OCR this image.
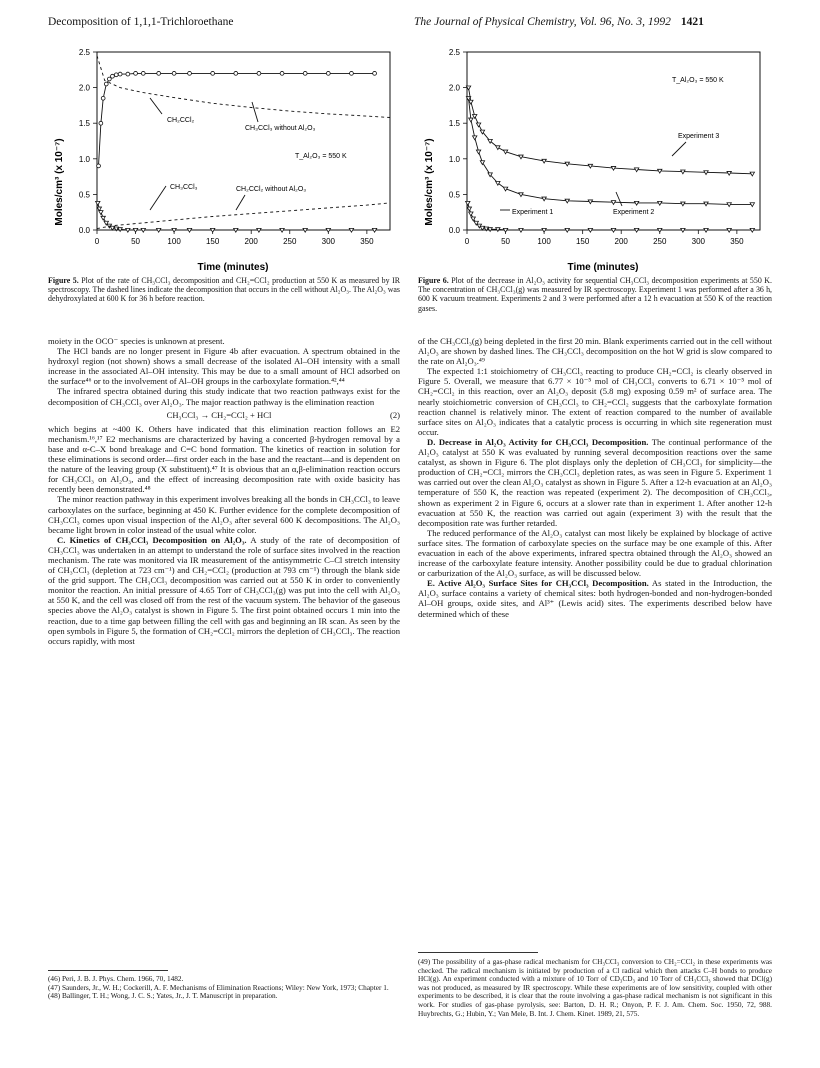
Decomposition of 1,1,1-Trichloroethane	The Journal of Physical Chemistry, Vol. 96, No. 3, 1992 1421
Moles/cm³ (x 10⁻⁷)
Time (minutes)
CH₂CCl₂
CH₃CCl₃ without Al₂O₃
T_Al₂O₃ = 550 K
CH₃CCl₃	CH₂CCl₂ without Al₂O₃
0	50	100	150	200	250	300	350
0.0
0.5
1.0
1.5
2.0
2.5
Figure 5. Plot of the rate of CH₃CCl₃ decomposition and CH₂=CCl₂ production at 550 K as measured by IR spectroscopy. The dashed lines indicate the decomposition that occurs in the cell without Al₂O₃. The Al₂O₃ was dehydroxylated at 600 K for 36 h before reaction.
Moles/cm³ (x 10⁻⁷)
Time (minutes)
T_Al₂O₃ = 550 K
Experiment 3
Experiment 1	Experiment 2
0	50	100	150	200	250	300	350
0.0
0.5
1.0
1.5
2.0
2.5
Figure 6. Plot of the decrease in Al₂O₃ activity for sequential CH₃CCl₃ decomposition experiments at 550 K. The concentration of CH₃CCl₃(g) was measured by IR spectroscopy. Experiment 1 was performed after a 36 h, 600 K vacuum treatment. Experiments 2 and 3 were performed after a 12 h evacuation at 550 K of the reaction gases.

moiety in the OCO⁻ species is unknown at present.

The HCl bands are no longer present in Figure 4b after evacuation. A spectrum obtained in the hydroxyl region (not shown) shows a small decrease of the isolated Al–OH intensity with a small increase in the associated Al–OH intensity. This may be due to a small amount of HCl adsorbed on the surface⁴⁶ or to the involvement of Al–OH groups in the carboxylate formation.⁴²,⁴⁴

The infrared spectra obtained during this study indicate that two reaction pathways exist for the decomposition of CH₃CCl₃ over Al₂O₃. The major reaction pathway is the elimination reaction

CH₃CCl₃ → CH₂=CCl₂ + HCl	(2)

which begins at ~400 K. Others have indicated that this elimination reaction follows an E2 mechanism.¹⁶,¹⁷ E2 mechanisms are characterized by having a concerted β-hydrogen removal by a base and α-C–X bond breakage and C=C bond formation. The kinetics of reaction in solution for these eliminations is second order—first order each in the base and the reactant—and is dependent on the nature of the leaving group (X substituent).⁴⁷ It is obvious that an α,β-elimination reaction occurs for CH₃CCl₃ on Al₂O₃, and the effect of increasing decomposition rate with oxide basicity has recently been demonstrated.⁴⁸

The minor reaction pathway in this experiment involves breaking all the bonds in CH₃CCl₃ to leave carboxylates on the surface, beginning at 450 K. Further evidence for the complete decomposition of CH₃CCl₃ comes upon visual inspection of the Al₂O₃ after several 600 K decompositions. The Al₂O₃ became light brown in color instead of the usual white color.

C. Kinetics of CH₃CCl₃ Decomposition on Al₂O₃. A study of the rate of decomposition of CH₃CCl₃ was undertaken in an attempt to understand the role of surface sites involved in the reaction mechanism. The rate was monitored via IR measurement of the antisymmetric C–Cl stretch intensity of CH₃CCl₃ (depletion at 723 cm⁻¹) and CH₂=CCl₂ (production at 793 cm⁻¹) through the blank side of the grid support. The CH₃CCl₃ decomposition was carried out at 550 K in order to conveniently monitor the reaction. An initial pressure of 4.65 Torr of CH₃CCl₃(g) was put into the cell with Al₂O₃ at 550 K, and the cell was closed off from the rest of the vacuum system. The behavior of the gaseous species above the Al₂O₃ catalyst is shown in Figure 5. The first point obtained occurs 1 min into the reaction, due to a time gap between filling the cell with gas and beginning an IR scan. As seen by the open symbols in Figure 5, the formation of CH₂=CCl₂ mirrors the depletion of CH₃CCl₃. The reaction occurs rapidly, with most

of the CH₃CCl₃(g) being depleted in the first 20 min. Blank experiments carried out in the cell without Al₂O₃ are shown by dashed lines. The CH₃CCl₃ decomposition on the hot W grid is slow compared to the rate on Al₂O₃.⁴⁹

The expected 1:1 stoichiometry of CH₃CCl₃ reacting to produce CH₂=CCl₂ is clearly observed in Figure 5. Overall, we measure that 6.77 × 10⁻⁵ mol of CH₃CCl₃ converts to 6.71 × 10⁻⁵ mol of CH₂=CCl₂ in this reaction, over an Al₂O₃ deposit (5.8 mg) exposing 0.59 m² of surface area. The nearly stoichiometric conversion of CH₃CCl₃ to CH₂=CCl₂ suggests that the carboxylate formation reaction channel is relatively minor. The extent of reaction compared to the number of available surface sites on Al₂O₃ indicates that a catalytic process is occurring in which site regeneration must occur.

D. Decrease in Al₂O₃ Activity for CH₃CCl₃ Decomposition. The continual performance of the Al₂O₃ catalyst at 550 K was evaluated by running several decomposition reactions over the same catalyst, as shown in Figure 6. The plot displays only the depletion of CH₃CCl₃ for simplicity—the production of CH₂=CCl₂ mirrors the CH₃CCl₃ depletion rates, as was seen in Figure 5. Experiment 1 was carried out over the clean Al₂O₃ catalyst as shown in Figure 5. After a 12-h evacuation at an Al₂O₃ temperature of 550 K, the reaction was repeated (experiment 2). The decomposition of CH₃CCl₃, shown as experiment 2 in Figure 6, occurs at a slower rate than in experiment 1. After another 12-h evacuation at 550 K, the reaction was carried out again (experiment 3) with the result that the decomposition rate was further retarded.

The reduced performance of the Al₂O₃ catalyst can most likely be explained by blockage of active surface sites. The formation of carboxylate species on the surface may be one example of this. After evacuation in each of the above experiments, infrared spectra obtained through the Al₂O₃ showed an increase of the carboxylate feature intensity. Another possibility could be due to gradual chlorination or carburization of the Al₂O₃ surface, as will be discussed below.

E. Active Al₂O₃ Surface Sites for CH₃CCl₃ Decomposition. As stated in the Introduction, the Al₂O₃ surface contains a variety of chemical sites: both hydrogen-bonded and non-hydrogen-bonded Al–OH groups, oxide sites, and Al³⁺ (Lewis acid) sites. The experiments described below have determined which of these

(46) Peri, J. B. J. Phys. Chem. 1966, 70, 1482.

(47) Saunders, Jr., W. H.; Cockerill, A. F. Mechanisms of Elimination Reactions; Wiley: New York, 1973; Chapter 1.

(48) Ballinger, T. H.; Wong, J. C. S.; Yates, Jr., J. T. Manuscript in preparation.

(49) The possibility of a gas-phase radical mechanism for CH₃CCl₃ conversion to CH₂=CCl₂ in these experiments was checked. The radical mechanism is initiated by production of a Cl radical which then attacks C–H bonds to produce HCl(g). An experiment conducted with a mixture of 10 Torr of CD₃CD₃ and 10 Torr of CH₃CCl₃ showed that DCl(g) was not produced, as measured by IR spectroscopy. While these experiments are of low sensitivity, coupled with other experiments to be described, it is clear that the route involving a gas-phase radical mechanism is not significant in this work. For studies of gas-phase pyrolysis, see: Barton, D. H. R.; Onyon, P. F. J. Am. Chem. Soc. 1950, 72, 988. Huybrechts, G.; Hubin, Y.; Van Mele, B. Int. J. Chem. Kinet. 1989, 21, 575.
